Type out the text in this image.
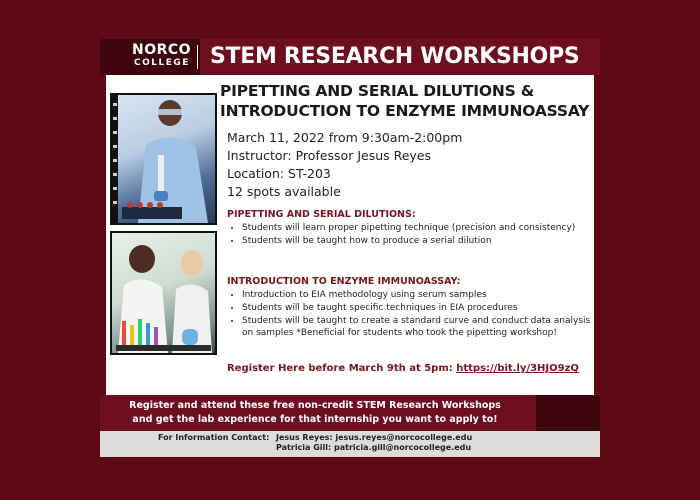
NORCO
COLLEGE STEM RESEARCH WORKSHOPS
PIPETTING AND SERIAL DILUTIONS &
INTRODUCTION TO ENZYME IMMUNOASSAY
March 11, 2022 from 9:30am-2:00pm
Instructor: Professor Jesus Reyes
Location: ST-203
12 spots available
PIPETTING AND SERIAL DILUTIONS:
• Students will learn proper pipetting technique (precision and consistency)
• Students will be taught how to produce a serial dilution
INTRODUCTION TO ENZYME IMMUNOASSAY:
• Introduction to EIA methodology using serum samples
• Students will be taught specific techniques in EIA procedures
• Students will be taught to create a standard curve and conduct data analysis on samples *Beneficial for students who took the pipetting workshop!
Register Here before March 9th at 5pm: https://bit.ly/3HJO9zQ
Register and attend these free non-credit STEM Research Workshops
and get the lab experience for that internship you want to apply to!
For Information Contact: Jesus Reyes: jesus.reyes@norcocollege.edu
Patricia Gill: patricia.gill@norcocollege.edu
